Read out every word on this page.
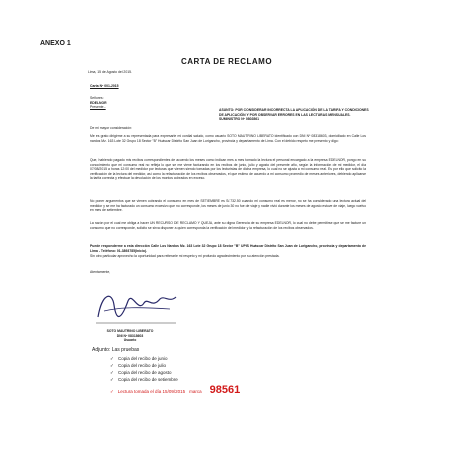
ANEXO 1
CARTA DE RECLAMO
Lima, 15 de Agosto del 2015.
Carta Nº 001-2015
Señores:
EDELNOR
Presente.-
ASUNTO: POR CONSIDERAR INCORRECTA LA APLICACIÓN DE LA TARIFA Y CONDICIONES DE APLICACIÓN Y POR OBSERVAR ERRORES EN LAS LECTURAS MENSUALES. SUMINISTRO Nº 0802861
De mi mayor consideración:
Me es grato dirigirme a su representada para expresarle mi cordial saludo, como usuario SOTO MAUTRINO LIBERATO identificado con DNI Nº 08318603, domiciliado en Calle Los nardos Mz. 163 Lote 32 Grupo 18 Sector "B" Huáscar Distrito San Juan de Lurigancho, provincia y departamento de Lima. Con el debido respeto me presento y digo:
Que, habiendo pagado mis recibos correspondientes de acuerdo los meses como indican mes a mes tomado la lectura el personal encargado a la empresa EDELNOR, pongo en su conocimiento que mi consumo real no refleja lo que se me viene facturando en los recibos de junio, julio y agosto del presente año, según la información de mi medidor, el día 07/08/2015 a horas 12:00 del medidor por lecturas que vienen siendo tomadas por los lecturistas de dicha empresa, lo cual no se ajusta a mi consumo real. Es por ello que solicito la verificación de la lectura del medidor, así como la refacturación de los recibos observados, el que estimo de acuerdo a mi consumo promedio de meses anteriores, debiendo aplicarse la tarifa correcta y efectuar la devolución de los montos cobrados en exceso.
No poner argumentos que se vienen cobrando el consumo en mes de SETIEMBRE es S/.732.50 cuando mi consumo real es menor, no se ha considerado una lectura actual del medidor y se me ha facturado un consumo excesivo que no corresponde, los meses de junio 30 no fue de viaje y nadie vivió durante los meses de agosto estuve de viaje, luego vuelvo en mes de setiembre.
La razón por el cual me obliga a hacer UN RECURSO DE RECLAMO Y QUEJA, ante su digna Gerencia de su empresa EDELNOR, lo cual no debe permitirse que se me facture un consumo que no corresponde, solicito se sirva disponer a quien corresponda la verificación del medidor y la refacturación de los recibos observados.
Puede responderme a esta dirección Calle Los Nardos Mz. 163 Lote 32 Grupo 18 Sector "B" UPIS Huáscar Distrito San Juan de Lurigancho, provincia y departamento de Lima - Teléfono: 01-3893785(Inicio).
Sin otro particular aprovecho la oportunidad para reiterarle mi respeto y mi profundo agradecimiento por su atención prestada.
Atentamente,
SOTO MAUTRINO LIBERATO
DNI Nº 08318603
Usuario
Adjunto: Las pruebas
✓ Copia del recibo de junio
✓ Copia del recibo de julio
✓ Copia del recibo de agosto
✓ Copia del recibo de setiembre
✓ Lectura tomada el día 15/09/2015 marca 98561
